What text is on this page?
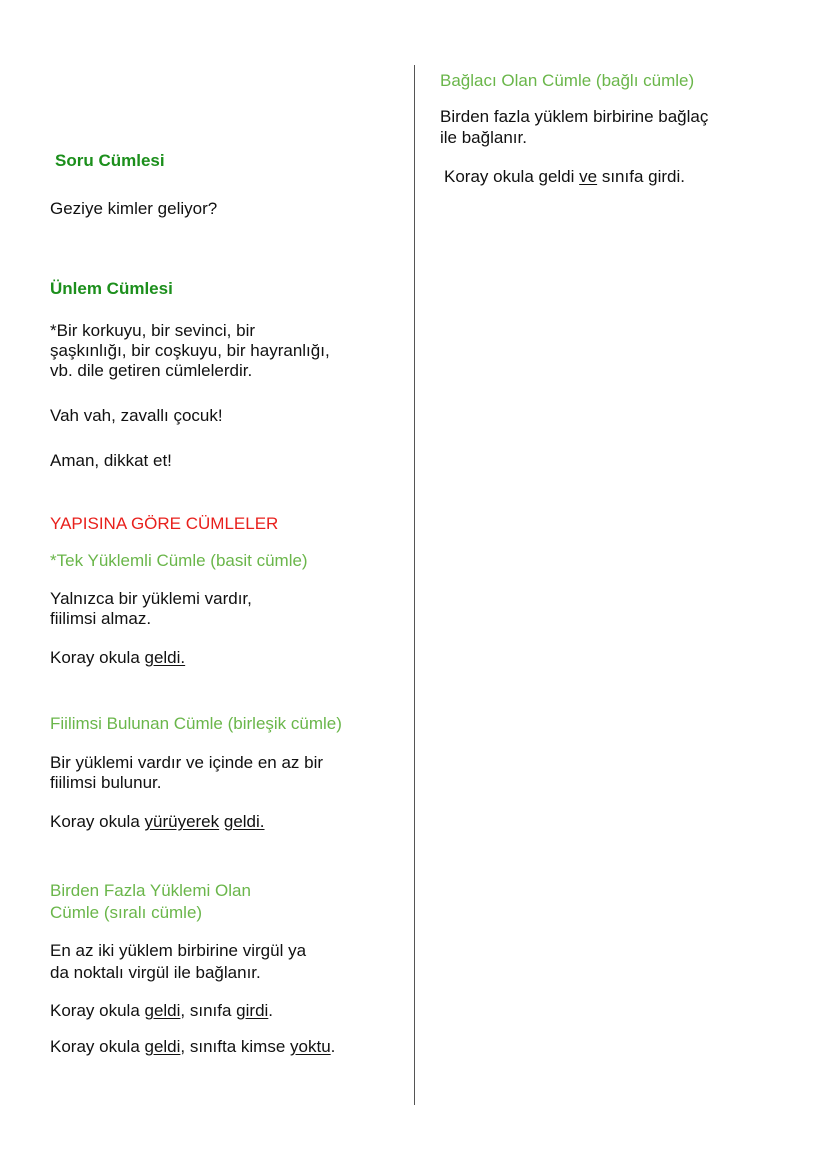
Soru Cümlesi
Geziye kimler geliyor?
Ünlem Cümlesi
*Bir korkuyu, bir sevinci, bir
şaşkınlığı, bir coşkuyu, bir hayranlığı,
vb. dile getiren cümlelerdir.
Vah vah, zavallı çocuk!
Aman, dikkat et!
YAPISINA GÖRE CÜMLELER
*Tek Yüklemli Cümle (basit cümle)
Yalnızca bir yüklemi vardır,
fiilimsi almaz.
Koray okula geldi.
Fiilimsi Bulunan Cümle (birleşik cümle)
Bir yüklemi vardır ve içinde en az bir
fiilimsi bulunur.
Koray okula yürüyerek geldi.
Birden Fazla Yüklemi Olan
Cümle (sıralı cümle)
En az iki yüklem birbirine virgül ya
da noktalı virgül ile bağlanır.
Koray okula geldi, sınıfa girdi.
Koray okula geldi, sınıfta kimse yoktu.
Bağlacı Olan Cümle (bağlı cümle)
Birden fazla yüklem birbirine bağlaç
ile bağlanır.
Koray okula geldi ve sınıfa girdi.
